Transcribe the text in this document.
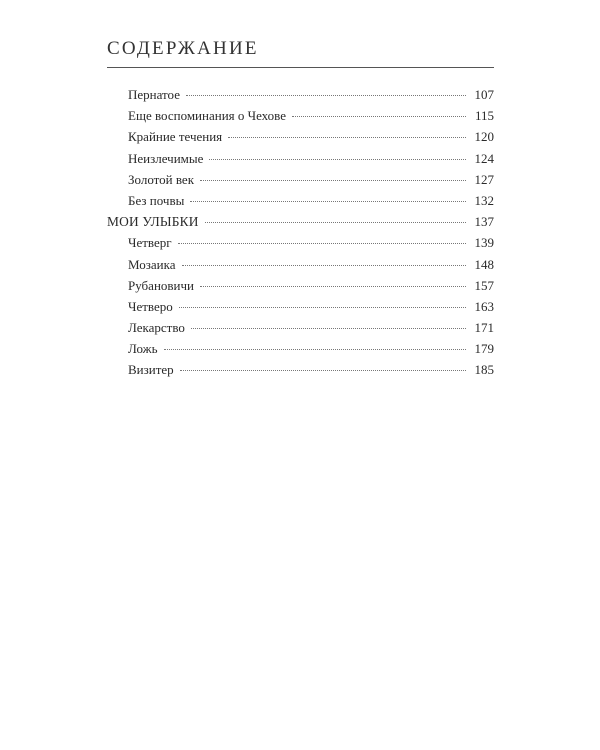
СОДЕРЖАНИЕ
Пернатое	107
Еще воспоминания о Чехове	115
Крайние течения	120
Неизлечимые	124
Золотой век	127
Без почвы	132
МОИ УЛЫБКИ	137
Четверг	139
Мозаика	148
Рубановичи	157
Четверо	163
Лекарство	171
Ложь	179
Визитер	185
